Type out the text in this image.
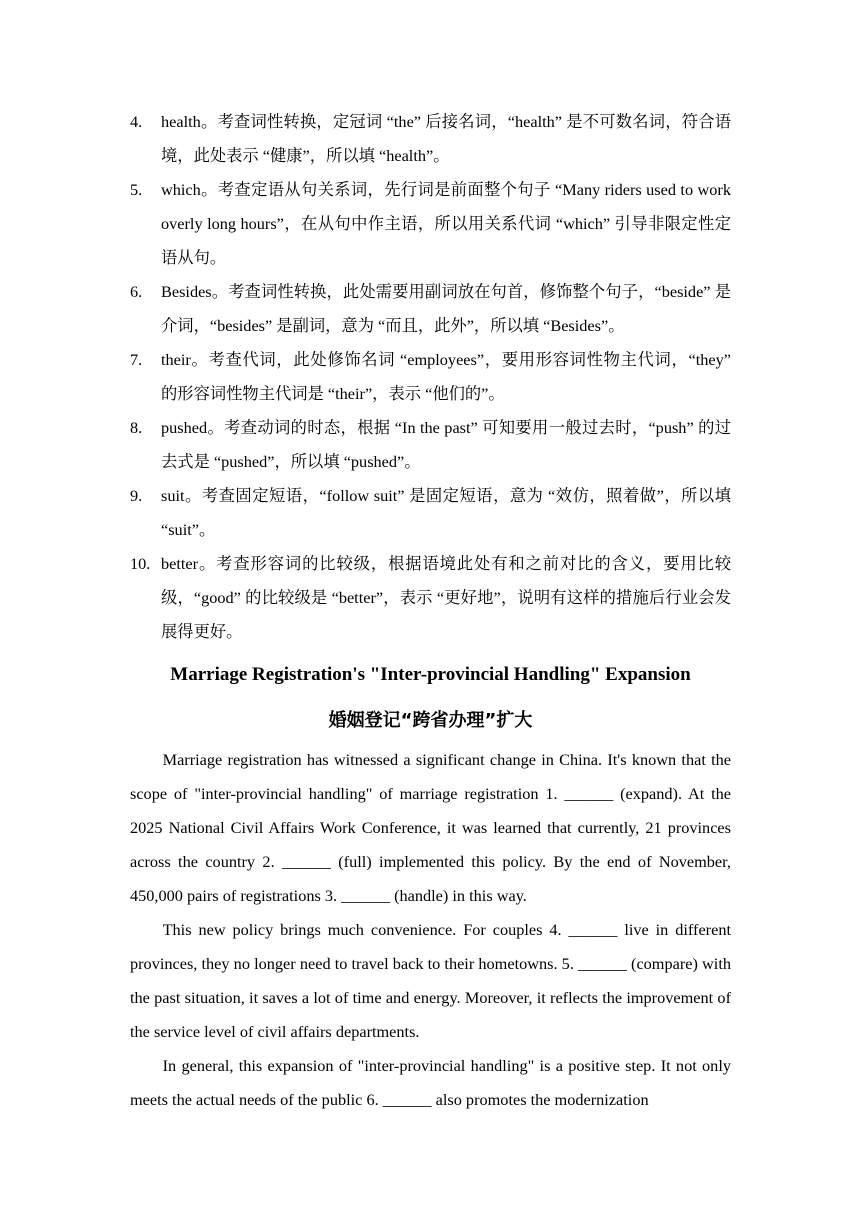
4. health。考查词性转换，定冠词 “the” 后接名词，“health” 是不可数名词，符合语境，此处表示 “健康”，所以填 “health”。
5. which。考查定语从句关系词，先行词是前面整个句子 “Many riders used to work overly long hours”，在从句中作主语，所以用关系代词 “which” 引导非限定性定语从句。
6. Besides。考查词性转换，此处需要用副词放在句首，修饰整个句子，“beside” 是介词，“besides” 是副词，意为 “而且，此外”，所以填 “Besides”。
7. their。考查代词，此处修饰名词 “employees”，要用形容词性物主代词，“they” 的形容词性物主代词是 “their”，表示 “他们的”。
8. pushed。考查动词的时态，根据 “In the past” 可知要用一般过去时，“push” 的过去式是 “pushed”，所以填 “pushed”。
9. suit。考查固定短语，“follow suit” 是固定短语，意为 “效仿，照着做”，所以填 “suit”。
10. better。考查形容词的比较级，根据语境此处有和之前对比的含义，要用比较级，“good” 的比较级是 “better”，表示 “更好地”，说明有这样的措施后行业会发展得更好。
Marriage Registration's "Inter-provincial Handling" Expansion
婚姻登记“跨省办理”扩大

Marriage registration has witnessed a significant change in China. It's known that the scope of "inter-provincial handling" of marriage registration 1. ______ (expand). At the 2025 National Civil Affairs Work Conference, it was learned that currently, 21 provinces across the country 2. ______ (full) implemented this policy. By the end of November, 450,000 pairs of registrations 3. ______ (handle) in this way.

This new policy brings much convenience. For couples 4. ______ live in different provinces, they no longer need to travel back to their hometowns. 5. ______ (compare) with the past situation, it saves a lot of time and energy. Moreover, it reflects the improvement of the service level of civil affairs departments.

In general, this expansion of "inter-provincial handling" is a positive step. It not only meets the actual needs of the public 6. ______ also promotes the modernization
